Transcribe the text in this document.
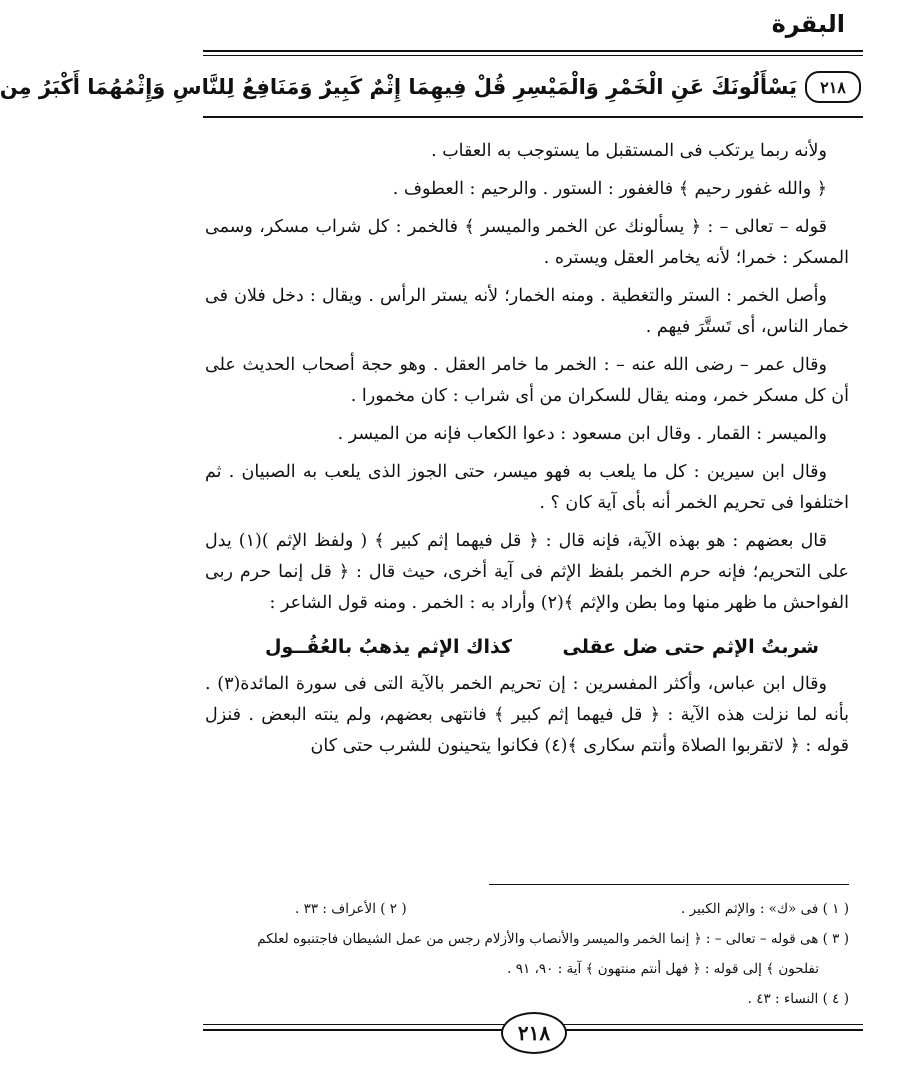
البقرة
٢١٨
يَسْأَلُونَكَ عَنِ الْخَمْرِ وَالْمَيْسِرِ قُلْ فِيهِمَا إِثْمٌ كَبِيرٌ وَمَنَافِعُ لِلنَّاسِ وَإِثْمُهُمَا أَكْبَرُ مِن

ولأنه ربما يرتكب فى المستقبل ما يستوجب به العقاب .

﴿ والله غفور رحيم ﴾ فالغفور : الستور . والرحيم : العطوف .

قوله – تعالى – : ﴿ يسألونك عن الخمر والميسر ﴾ فالخمر : كل شراب مسكر، وسمى المسكر : خمرا؛ لأنه يخامر العقل ويستره .

وأصل الخمر : الستر والتغطية . ومنه الخمار؛ لأنه يستر الرأس . ويقال : دخل فلان فى خمار الناس، أى تَستَّرَ فيهم .

وقال عمر – رضى الله عنه – : الخمر ما خامر العقل . وهو حجة أصحاب الحديث على أن كل مسكر خمر، ومنه يقال للسكران من أى شراب : كان مخمورا .

والميسر : القمار . وقال ابن مسعود : دعوا الكعاب فإنه من الميسر .

وقال ابن سيرين : كل ما يلعب به فهو ميسر، حتى الجوز الذى يلعب به الصبيان . ثم اختلفوا فى تحريم الخمر أنه بأى آية كان ؟ .

قال بعضهم : هو بهذه الآية، فإنه قال : ﴿ قل فيهما إثم كبير ﴾ ( ولفظ الإثم )(١) يدل على التحريم؛ فإنه حرم الخمر بلفظ الإثم فى آية أخرى، حيث قال : ﴿ قل إنما حرم ربى الفواحش ما ظهر منها وما بطن والإثم ﴾(٢) وأراد به : الخمر . ومنه قول الشاعر :

شربتُ الإثم حتى ضل عقلى
كذاك الإثم يذهبُ بالعُقُــول

وقال ابن عباس، وأكثر المفسرين : إن تحريم الخمر بالآية التى فى سورة المائدة(٣) . بأنه لما نزلت هذه الآية : ﴿ قل فيهما إثم كبير ﴾ فانتهى بعضهم، ولم ينته البعض . فنزل قوله : ﴿ لاتقربوا الصلاة وأنتم سكارى ﴾(٤) فكانوا يتحينون للشرب حتى كان

( ١ ) فى «ك» : والإثم الكبير .
( ٢ ) الأعراف : ٣٣ .
( ٣ ) هى قوله – تعالى – : ﴿ إنما الخمر والميسر والأنصاب والأزلام رجس من عمل الشيطان فاجتنبوه لعلكم
تفلحون ﴾ إلى قوله : ﴿ فهل أنتم منتهون ﴾ آية : ٩٠، ٩١ .
( ٤ ) النساء : ٤٣ .
٢١٨
